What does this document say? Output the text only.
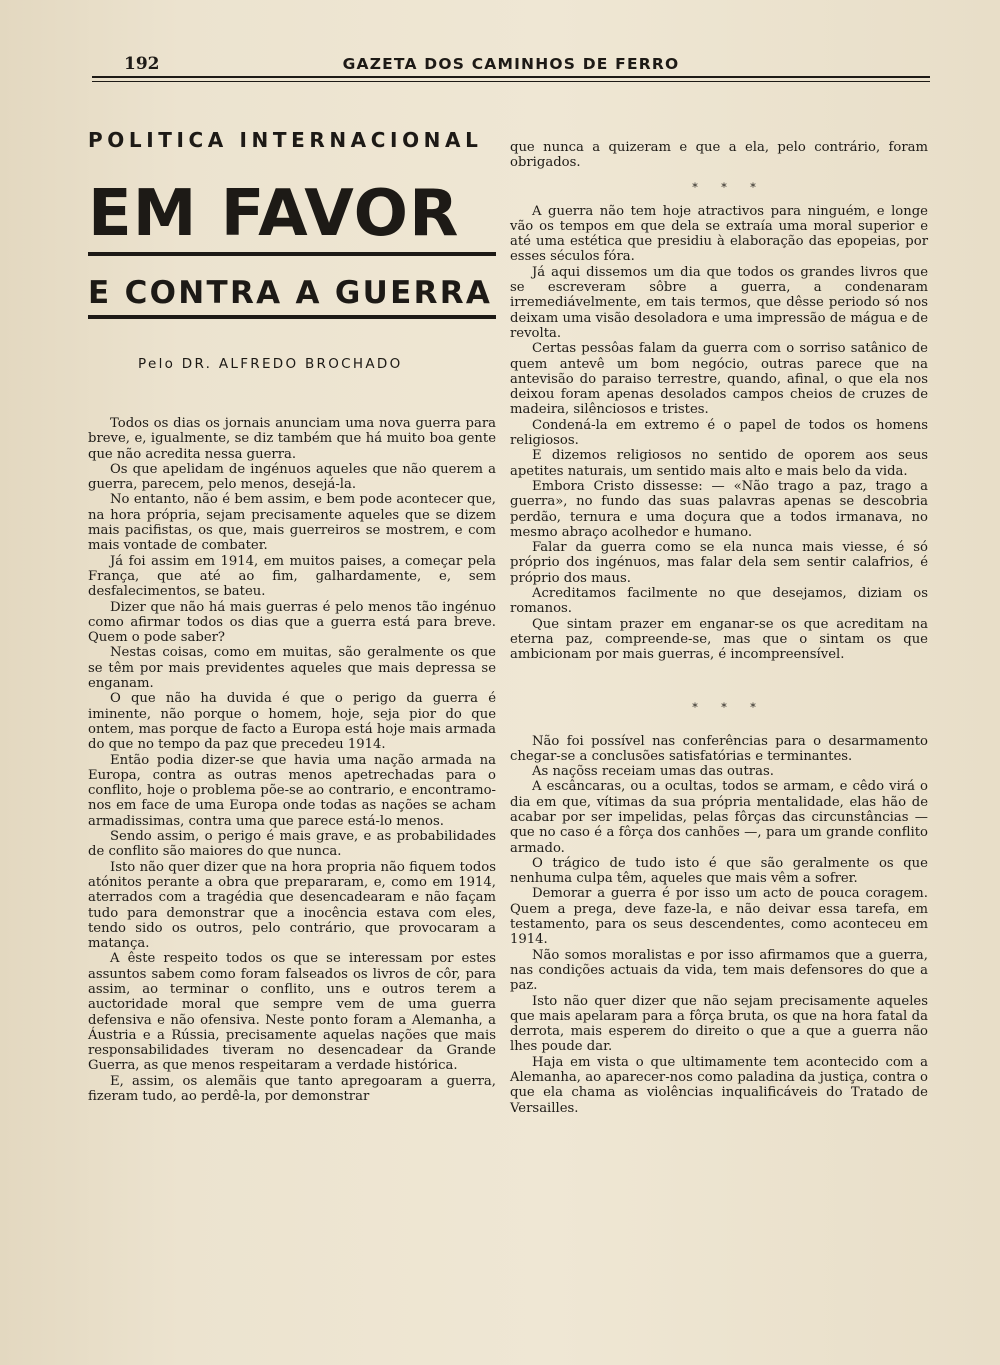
192	GAZETA DOS CAMINHOS DE FERRO
POLITICA INTERNACIONAL
EM FAVOR
E CONTRA A GUERRA
Pelo DR. ALFREDO BROCHADO

Todos os dias os jornais anunciam uma nova guerra para breve, e, igualmente, se diz também que há muito boa gente que não acredita nessa guerra.

Os que apelidam de ingénuos aqueles que não querem a guerra, parecem, pelo menos, desejá-la.

No entanto, não é bem assim, e bem pode acontecer que, na hora própria, sejam precisamente aqueles que se dizem mais pacifistas, os que, mais guerreiros se mostrem, e com mais vontade de combater.

Já foi assim em 1914, em muitos paises, a começar pela França, que até ao fim, galhardamente, e, sem desfalecimentos, se bateu.

Dizer que não há mais guerras é pelo menos tão ingénuo como afirmar todos os dias que a guerra está para breve. Quem o pode saber?

Nestas coisas, como em muitas, são geralmente os que se têm por mais previdentes aqueles que mais depressa se enganam.

O que não ha duvida é que o perigo da guerra é iminente, não porque o homem, hoje, seja pior do que ontem, mas porque de facto a Europa está hoje mais armada do que no tempo da paz que precedeu 1914.

Então podia dizer-se que havia uma nação armada na Europa, contra as outras menos apetrechadas para o conflito, hoje o problema põe-se ao contrario, e encontramo-nos em face de uma Europa onde todas as nações se acham armadissimas, contra uma que parece está-lo menos.

Sendo assim, o perigo é mais grave, e as probabilidades de conflito são maiores do que nunca.

Isto não quer dizer que na hora propria não fiquem todos atónitos perante a obra que prepararam, e, como em 1914, aterrados com a tragédia que desencadearam e não façam tudo para demonstrar que a inocência estava com eles, tendo sido os outros, pelo contrário, que provocaram a matança.

A êste respeito todos os que se interessam por estes assuntos sabem como foram falseados os livros de côr, para assim, ao terminar o conflito, uns e outros terem a auctoridade moral que sempre vem de uma guerra defensiva e não ofensiva. Neste ponto foram a Alemanha, a Áustria e a Rússia, precisamente aquelas nações que mais responsabilidades tiveram no desencadear da Grande Guerra, as que menos respeitaram a verdade histórica.

E, assim, os alemãis que tanto apregoaram a guerra, fizeram tudo, ao perdê-la, por demonstrar

que nunca a quizeram e que a ela, pelo contrário, foram obrigados.

* * *

A guerra não tem hoje atractivos para ninguém, e longe vão os tempos em que dela se extraía uma moral superior e até uma estética que presidiu à elaboração das epopeias, por esses séculos fóra.

Já aqui dissemos um dia que todos os grandes livros que se escreveram sôbre a guerra, a condenaram irremediávelmente, em tais termos, que dêsse periodo só nos deixam uma visão desoladora e uma impressão de mágua e de revolta.

Certas pessôas falam da guerra com o sorriso satânico de quem antevê um bom negócio, outras parece que na antevisão do paraiso terrestre, quando, afinal, o que ela nos deixou foram apenas desolados campos cheios de cruzes de madeira, silênciosos e tristes.

Condená-la em extremo é o papel de todos os homens religiosos.

E dizemos religiosos no sentido de oporem aos seus apetites naturais, um sentido mais alto e mais belo da vida.

Embora Cristo dissesse: — «Não trago a paz, trago a guerra», no fundo das suas palavras apenas se descobria perdão, ternura e uma doçura que a todos irmanava, no mesmo abraço acolhedor e humano.

Falar da guerra como se ela nunca mais viesse, é só próprio dos ingénuos, mas falar dela sem sentir calafrios, é próprio dos maus.

Acreditamos facilmente no que desejamos, diziam os romanos.

Que sintam prazer em enganar-se os que acreditam na eterna paz, compreende-se, mas que o sintam os que ambicionam por mais guerras, é incompreensível.

* * *

Não foi possível nas conferências para o desarmamento chegar-se a conclusões satisfatórias e terminantes.

As naçõss receiam umas das outras.

A escâncaras, ou a ocultas, todos se armam, e cêdo virá o dia em que, vítimas da sua própria mentalidade, elas hão de acabar por ser impelidas, pelas fôrças das circunstâncias — que no caso é a fôrça dos canhões —, para um grande conflito armado.

O trágico de tudo isto é que são geralmente os que nenhuma culpa têm, aqueles que mais vêm a sofrer.

Demorar a guerra é por isso um acto de pouca coragem. Quem a prega, deve faze-la, e não deivar essa tarefa, em testamento, para os seus descendentes, como aconteceu em 1914.

Não somos moralistas e por isso afirmamos que a guerra, nas condições actuais da vida, tem mais defensores do que a paz.

Isto não quer dizer que não sejam precisamente aqueles que mais apelaram para a fôrça bruta, os que na hora fatal da derrota, mais esperem do direito o que a que a guerra não lhes poude dar.

Haja em vista o que ultimamente tem acontecido com a Alemanha, ao aparecer-nos como paladina da justiça, contra o que ela chama as violências inqualificáveis do Tratado de Versailles.
